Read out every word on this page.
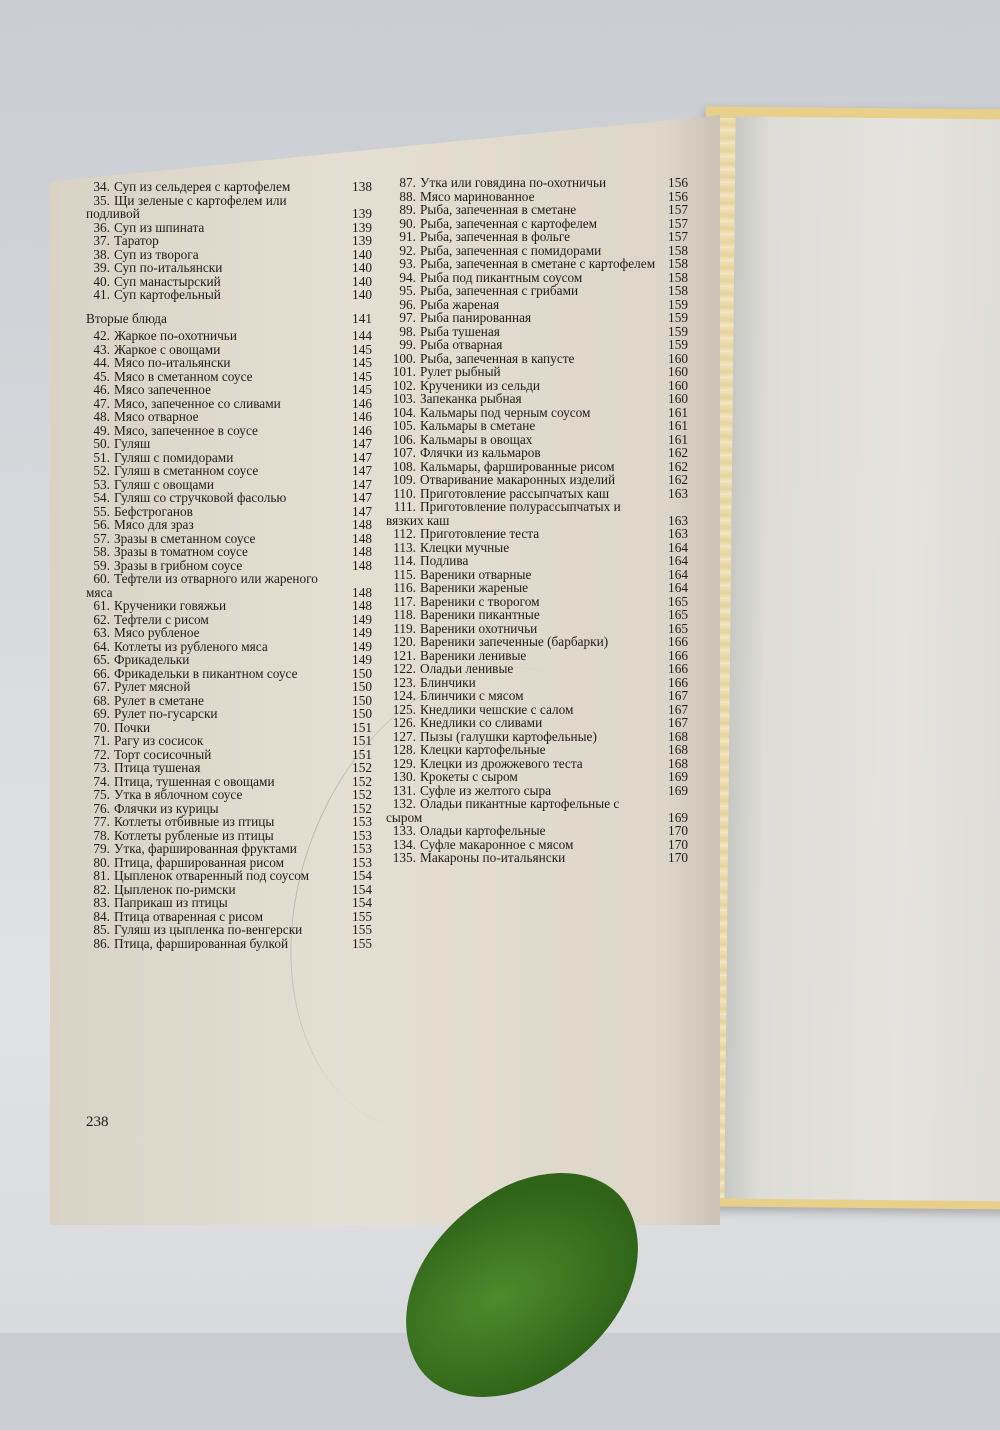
34. Суп из сельдерея с картофелем	138
35. Щи зеленые с картофелем или подливой	139
36. Суп из шпината	139
37. Таратор	139
38. Суп из творога	140
39. Суп по-итальянски	140
40. Суп манастырский	140
41. Суп картофельный	140
Вторые блюда	141
42. Жаркое по-охотничьи	144
43. Жаркое с овощами	145
44. Мясо по-итальянски	145
45. Мясо в сметанном соусе	145
46. Мясо запеченное	145
47. Мясо, запеченное со сливами	146
48. Мясо отварное	146
49. Мясо, запеченное в соусе	146
50. Гуляш	147
51. Гуляш с помидорами	147
52. Гуляш в сметанном соусе	147
53. Гуляш с овощами	147
54. Гуляш со стручковой фасолью	147
55. Бефстроганов	147
56. Мясо для зраз	148
57. Зразы в сметанном соусе	148
58. Зразы в томатном соусе	148
59. Зразы в грибном соусе	148
60. Тефтели из отварного или жареного мяса	148
61. Крученики говяжьи	148
62. Тефтели с рисом	149
63. Мясо рубленое	149
64. Котлеты из рубленого мяса	149
65. Фрикадельки	149
66. Фрикадельки в пикантном соусе	150
67. Рулет мясной	150
68. Рулет в сметане	150
69. Рулет по-гусарски	150
70. Почки	151
71. Рагу из сосисок	151
72. Торт сосисочный	151
73. Птица тушеная	152
74. Птица, тушенная с овощами	152
75. Утка в яблочном соусе	152
76. Флячки из курицы	152
77. Котлеты отбивные из птицы	153
78. Котлеты рубленые из птицы	153
79. Утка, фаршированная фруктами	153
80. Птица, фаршированная рисом	153
81. Цыпленок отваренный под соусом	154
82. Цыпленок по-римски	154
83. Паприкаш из птицы	154
84. Птица отваренная с рисом	155
85. Гуляш из цыпленка по-венгерски	155
86. Птица, фаршированная булкой	155
87. Утка или говядина по-охотничьи	156
88. Мясо маринованное	156
89. Рыба, запеченная в сметане	157
90. Рыба, запеченная с картофелем	157
91. Рыба, запеченная в фольге	157
92. Рыба, запеченная с помидорами	158
93. Рыба, запеченная в сметане с картофелем 158
94. Рыба под пикантным соусом	158
95. Рыба, запеченная с грибами	158
96. Рыба жареная	159
97. Рыба панированная	159
98. Рыба тушеная	159
99. Рыба отварная	159
100. Рыба, запеченная в капусте	160
101. Рулет рыбный	160
102. Крученики из сельди	160
103. Запеканка рыбная	160
104. Кальмары под черным соусом	161
105. Кальмары в сметане	161
106. Кальмары в овощах	161
107. Флячки из кальмаров	162
108. Кальмары, фаршированные рисом	162
109. Отваривание макаронных изделий	162
110. Приготовление рассыпчатых каш	163
111. Приготовление полурассыпчатых и вязких каш	163
112. Приготовление теста	163
113. Клецки мучные	164
114. Подлива	164
115. Вареники отварные	164
116. Вареники жареные	164
117. Вареники с творогом	165
118. Вареники пикантные	165
119. Вареники охотничьи	165
120. Вареники запеченные (барбарки)	166
121. Вареники ленивые	166
122. Оладьи ленивые	166
123. Блинчики	166
124. Блинчики с мясом	167
125. Кнедлики чешские с салом	167
126. Кнедлики со сливами	167
127. Пызы (галушки картофельные)	168
128. Клецки картофельные	168
129. Клецки из дрожжевого теста	168
130. Крокеты с сыром	169
131. Суфле из желтого сыра	169
132. Оладьи пикантные картофельные с сыром	169
133. Оладьи картофельные	170
134. Суфле макаронное с мясом	170
135. Макароны по-итальянски	170
238
